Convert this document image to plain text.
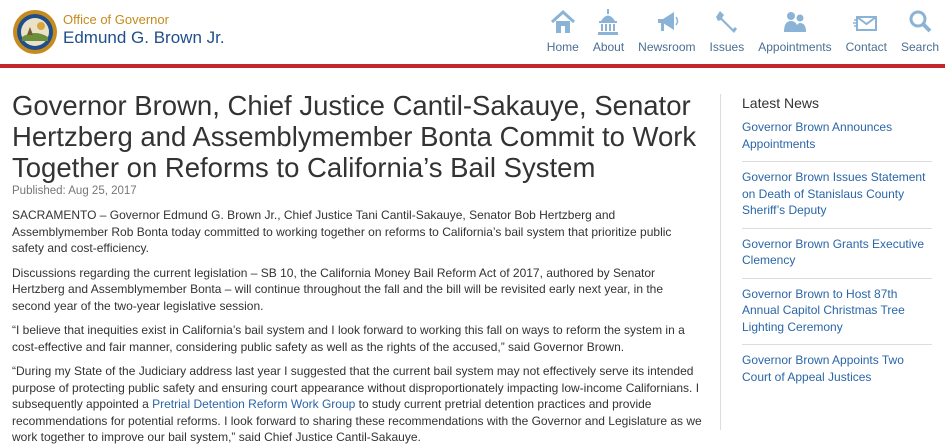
Office of Governor
Edmund G. Brown Jr.	Home About Newsroom Issues Appointments Contact Search
Governor Brown, Chief Justice Cantil-Sakauye, Senator Hertzberg and Assemblymember Bonta Commit to Work Together on Reforms to California’s Bail System
Published: Aug 25, 2017

SACRAMENTO – Governor Edmund G. Brown Jr., Chief Justice Tani Cantil-Sakauye, Senator Bob Hertzberg and Assemblymember Rob Bonta today committed to working together on reforms to California’s bail system that prioritize public safety and cost-efficiency.

Discussions regarding the current legislation – SB 10, the California Money Bail Reform Act of 2017, authored by Senator Hertzberg and Assemblymember Bonta – will continue throughout the fall and the bill will be revisited early next year, in the second year of the two-year legislative session.

“I believe that inequities exist in California’s bail system and I look forward to working this fall on ways to reform the system in a cost-effective and fair manner, considering public safety as well as the rights of the accused,” said Governor Brown.

“During my State of the Judiciary address last year I suggested that the current bail system may not effectively serve its intended purpose of protecting public safety and ensuring court appearance without disproportionately impacting low-income Californians. I subsequently appointed a Pretrial Detention Reform Work Group to study current pretrial detention practices and provide recommendations for potential reforms. I look forward to sharing these recommendations with the Governor and Legislature as we work together to improve our bail system,” said Chief Justice Cantil-Sakauye.

Latest News
Governor Brown Announces Appointments
Governor Brown Issues Statement on Death of Stanislaus County Sheriff’s Deputy
Governor Brown Grants Executive Clemency
Governor Brown to Host 87th Annual Capitol Christmas Tree Lighting Ceremony
Governor Brown Appoints Two Court of Appeal Justices
